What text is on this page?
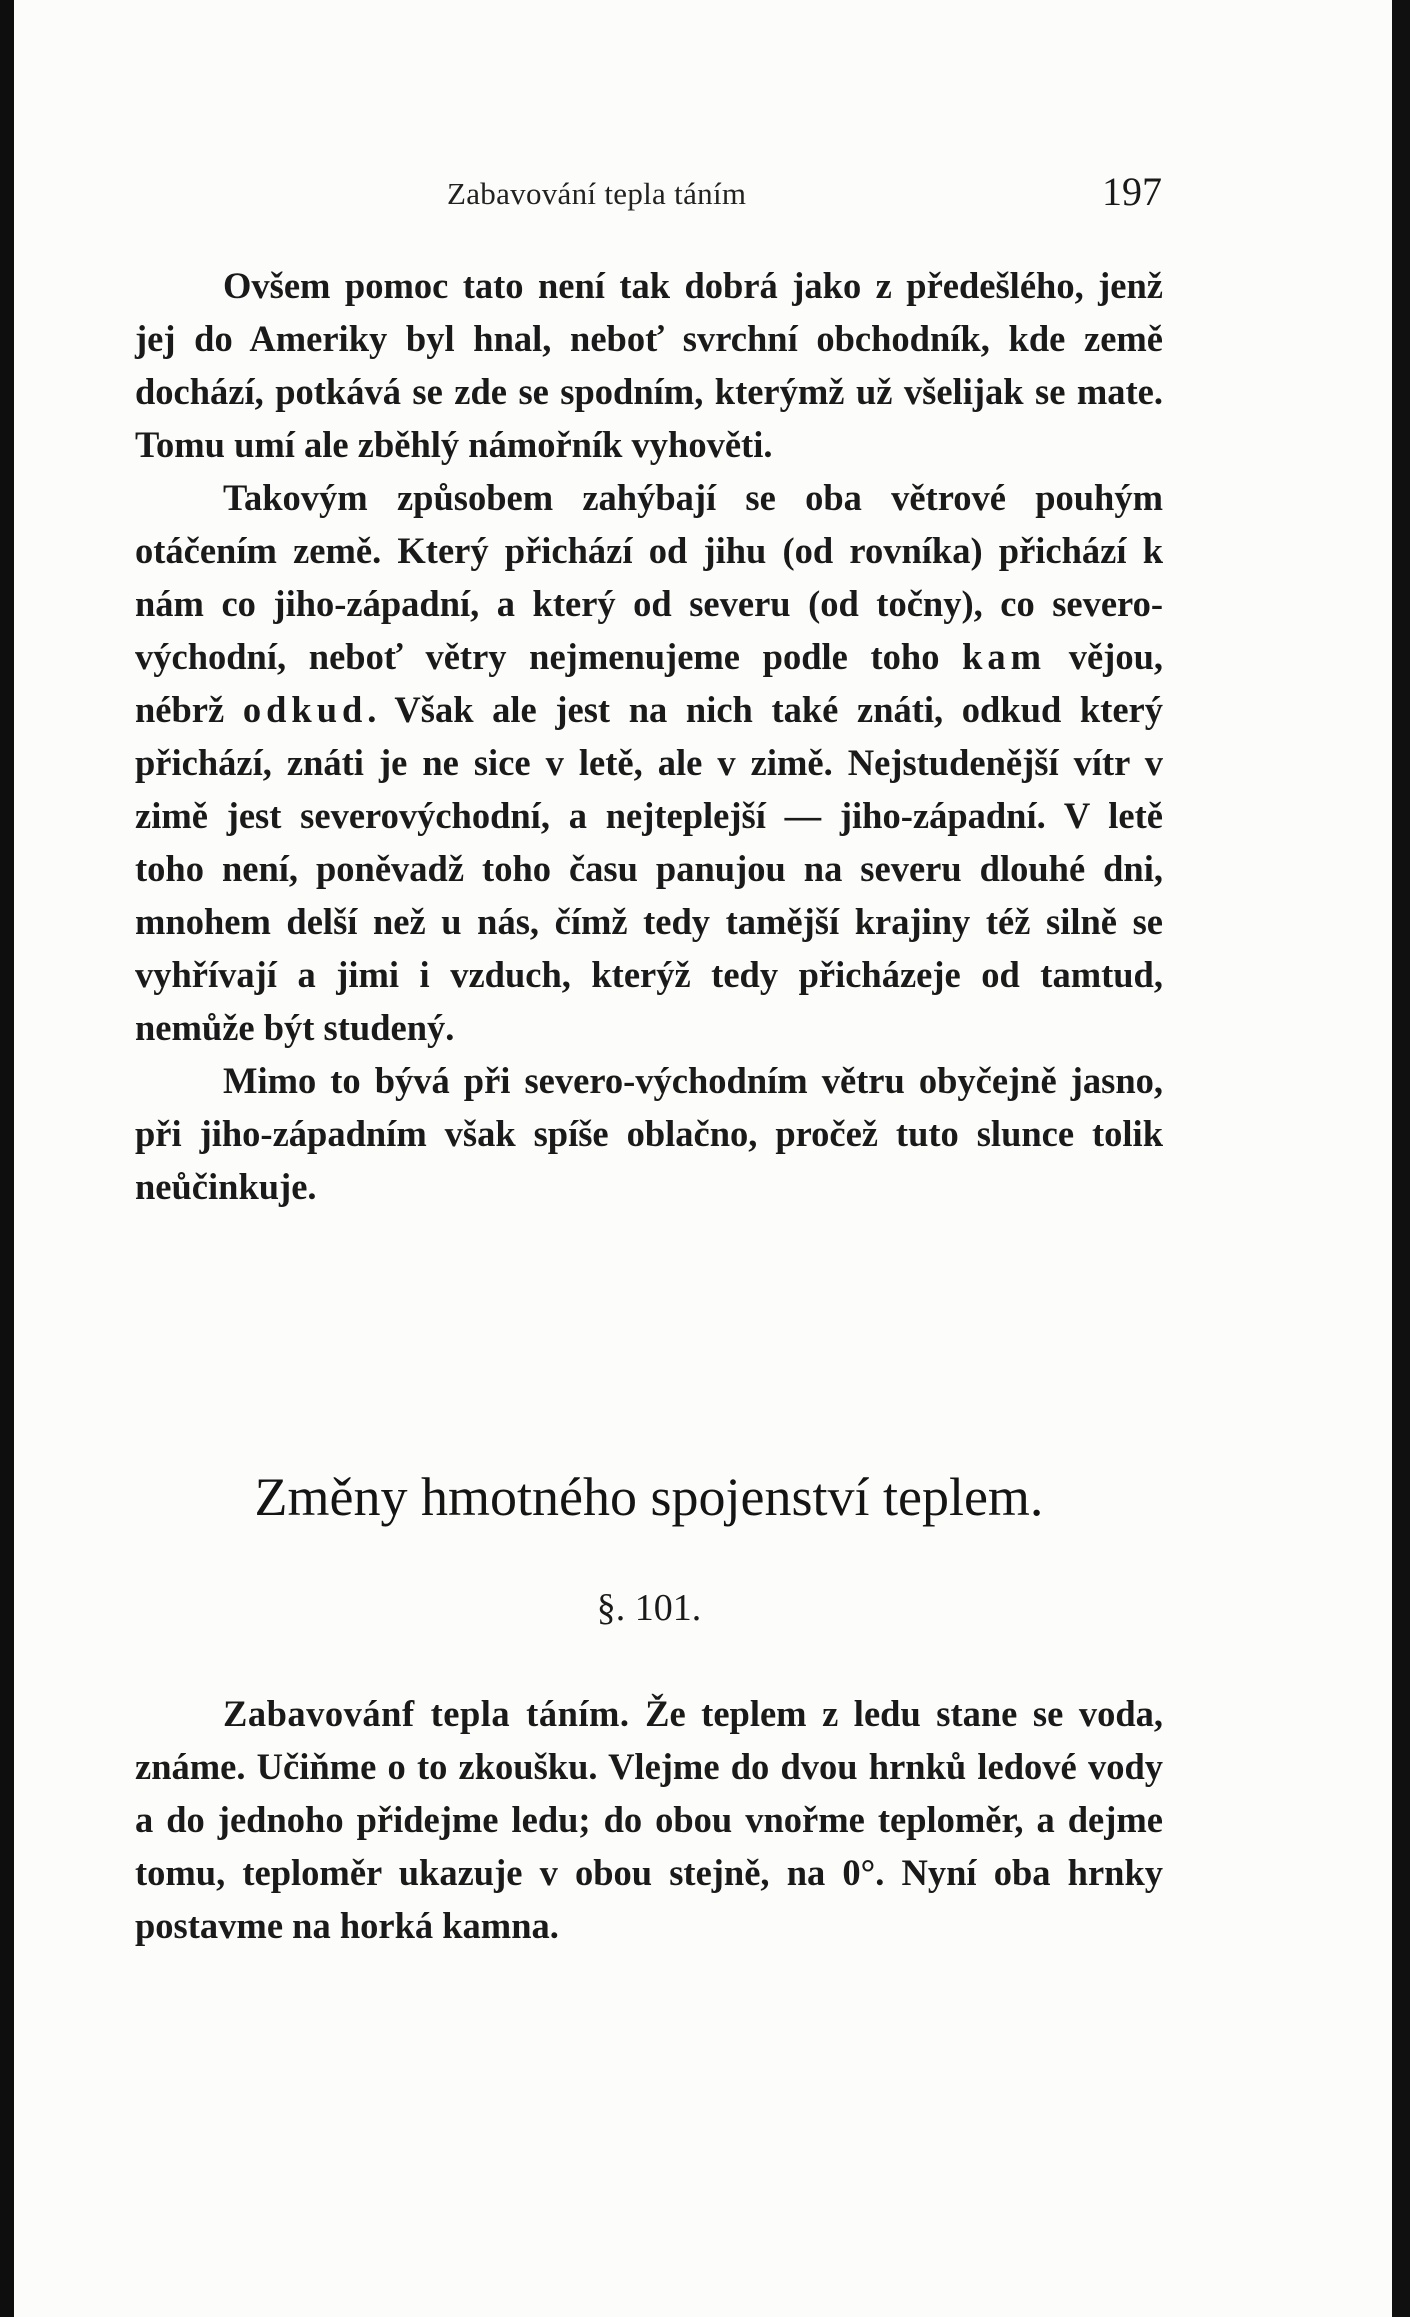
Zabavování tepla táním	197

Ovšem pomoc tato není tak dobrá jako z předešlého, jenž jej do Ameriky byl hnal, neboť svrchní obchodník, kde země dochází, potkává se zde se spodním, kterýmž už všelijak se mate. Tomu umí ale zběhlý námořník vyhověti.

Takovým způsobem zahýbají se oba větrové pouhým otáčením země. Který přichází od jihu (od rovníka) přichází k nám co jiho-západní, a který od severu (od točny), co severo-východní, neboť větry nejmenujeme podle toho kam vějou, nébrž odkud. Však ale jest na nich také znáti, odkud který přichází, znáti je ne sice v letě, ale v zimě. Nejstudenější vítr v zimě jest severovýchodní, a nejteplejší — jiho-západní. V letě toho není, poněvadž toho času panujou na severu dlouhé dni, mnohem delší než u nás, čímž tedy tamější krajiny též silně se vyhřívají a jimi i vzduch, kterýž tedy přicházeje od tamtud, nemůže být studený.

Mimo to bývá při severo-východním větru obyčejně jasno, při jiho-západním však spíše oblačno, pročež tuto slunce tolik neůčinkuje.

Změny hmotného spojenství teplem.
§. 101.

Zabavovánf tepla táním. Že teplem z ledu stane se voda, známe. Učiňme o to zkoušku. Vlejme do dvou hrnků ledové vody a do jednoho přidejme ledu; do obou vnořme teploměr, a dejme tomu, teploměr ukazuje v obou stejně, na 0°. Nyní oba hrnky postavme na horká kamna.
